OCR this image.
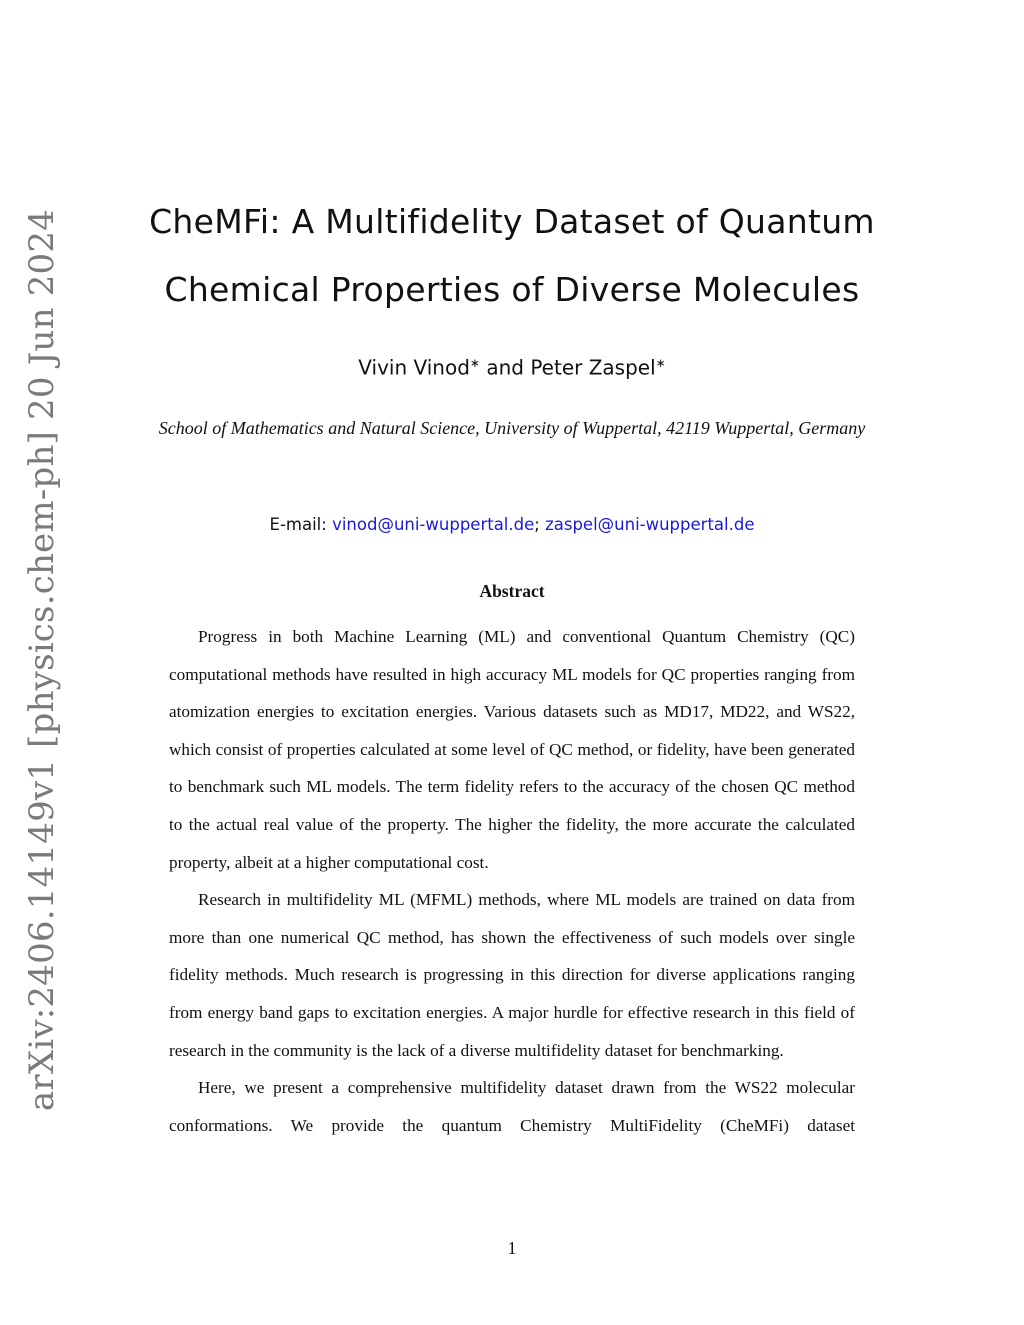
arXiv:2406.14149v1 [physics.chem-ph] 20 Jun 2024	CheMFi: A Multifidelity Dataset of Quantum
Chemical Properties of Diverse Molecules
Vivin Vinod∗ and Peter Zaspel∗
School of Mathematics and Natural Science, University of Wuppertal, 42119 Wuppertal, Germany
E-mail: vinod@uni-wuppertal.de; zaspel@uni-wuppertal.de
Abstract

Progress in both Machine Learning (ML) and conventional Quantum Chemistry (QC) computational methods have resulted in high accuracy ML models for QC properties ranging from atomization energies to excitation energies. Various datasets such as MD17, MD22, and WS22, which consist of properties calculated at some level of QC method, or fidelity, have been generated to benchmark such ML models. The term fidelity refers to the accuracy of the chosen QC method to the actual real value of the property. The higher the fidelity, the more accurate the calculated property, albeit at a higher computational cost.

Research in multifidelity ML (MFML) methods, where ML models are trained on data from more than one numerical QC method, has shown the effectiveness of such models over single fidelity methods. Much research is progressing in this direction for diverse applications ranging from energy band gaps to excitation energies. A major hurdle for effective research in this field of research in the community is the lack of a diverse multifidelity dataset for benchmarking.

Here, we present a comprehensive multifidelity dataset drawn from the WS22 molecular conformations. We provide the quantum Chemistry MultiFidelity (CheMFi) dataset

1
